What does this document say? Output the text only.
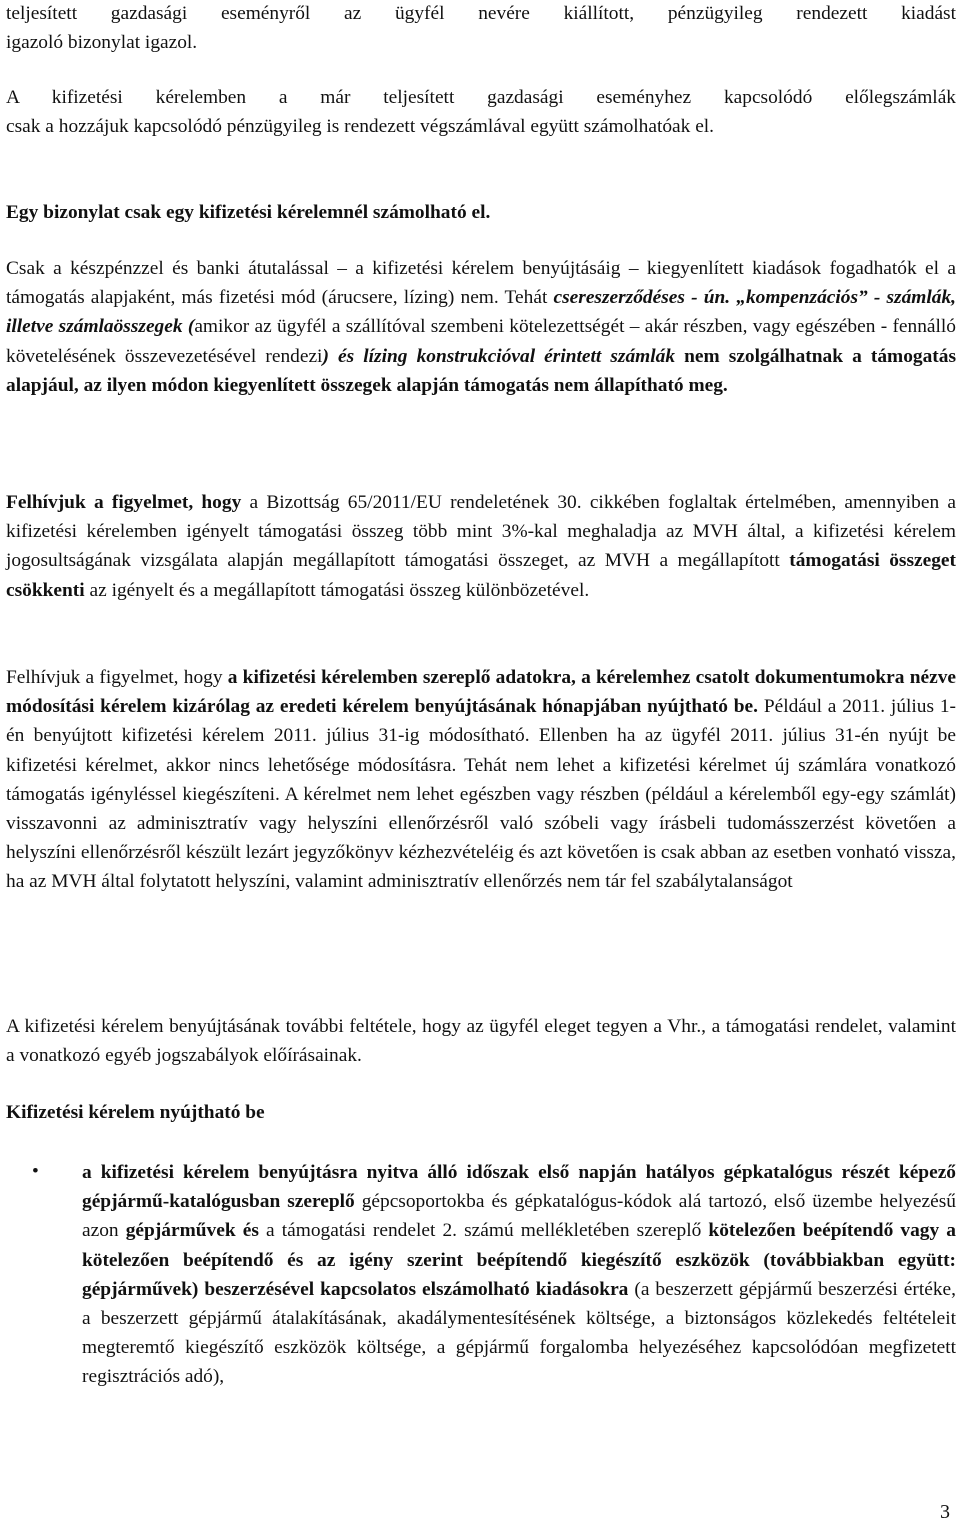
teljesített gazdasági eseményről az ügyfél nevére kiállított, pénzügyileg rendezett kiadást
igazoló bizonylat igazol.

A kifizetési kérelemben a már teljesített gazdasági eseményhez kapcsolódó előlegszámlák
csak a hozzájuk kapcsolódó pénzügyileg is rendezett végszámlával együtt számolhatóak el.

Egy bizonylat csak egy kifizetési kérelemnél számolható el.

Csak a készpénzzel és banki átutalással – a kifizetési kérelem benyújtásáig – kiegyenlített kiadások fogadhatók el a támogatás alapjaként, más fizetési mód (árucsere, lízing) nem. Tehát csereszerződéses - ún. „kompenzációs” - számlák, illetve számlaösszegek (amikor az ügyfél a szállítóval szembeni kötelezettségét – akár részben, vagy egészében - fennálló követelésének összevezetésével rendezi) és lízing konstrukcióval érintett számlák nem szolgálhatnak a támogatás alapjául, az ilyen módon kiegyenlített összegek alapján támogatás nem állapítható meg.

Felhívjuk a figyelmet, hogy a Bizottság 65/2011/EU rendeletének 30. cikkében foglaltak értelmében, amennyiben a kifizetési kérelemben igényelt támogatási összeg több mint 3%-kal meghaladja az MVH által, a kifizetési kérelem jogosultságának vizsgálata alapján megállapított támogatási összeget, az MVH a megállapított támogatási összeget csökkenti az igényelt és a megállapított támogatási összeg különbözetével.

Felhívjuk a figyelmet, hogy a kifizetési kérelemben szereplő adatokra, a kérelemhez csatolt dokumentumokra nézve módosítási kérelem kizárólag az eredeti kérelem benyújtásának hónapjában nyújtható be. Például a 2011. július 1-én benyújtott kifizetési kérelem 2011. július 31-ig módosítható. Ellenben ha az ügyfél 2011. július 31-én nyújt be kifizetési kérelmet, akkor nincs lehetősége módosításra. Tehát nem lehet a kifizetési kérelmet új számlára vonatkozó támogatás igényléssel kiegészíteni. A kérelmet nem lehet egészben vagy részben (például a kérelemből egy-egy számlát) visszavonni az adminisztratív vagy helyszíni ellenőrzésről való szóbeli vagy írásbeli tudomásszerzést követően a helyszíni ellenőrzésről készült lezárt jegyzőkönyv kézhezvételéig és azt követően is csak abban az esetben vonható vissza, ha az MVH által folytatott helyszíni, valamint adminisztratív ellenőrzés nem tár fel szabálytalanságot

A kifizetési kérelem benyújtásának további feltétele, hogy az ügyfél eleget tegyen a Vhr., a támogatási rendelet, valamint a vonatkozó egyéb jogszabályok előírásainak.

Kifizetési kérelem nyújtható be

• a kifizetési kérelem benyújtásra nyitva álló időszak első napján hatályos gépkatalógus részét képező gépjármű-katalógusban szereplő gépcsoportokba és gépkatalógus-kódok alá tartozó, első üzembe helyezésű azon gépjárművek és a támogatási rendelet 2. számú mellékletében szereplő kötelezően beépítendő vagy a kötelezően beépítendő és az igény szerint beépítendő kiegészítő eszközök (továbbiakban együtt: gépjárművek) beszerzésével kapcsolatos elszámolható kiadásokra (a beszerzett gépjármű beszerzési értéke, a beszerzett gépjármű átalakításának, akadálymentesítésének költsége, a biztonságos közlekedés feltételeit megteremtő kiegészítő eszközök költsége, a gépjármű forgalomba helyezéséhez kapcsolódóan megfizetett regisztrációs adó),

3
